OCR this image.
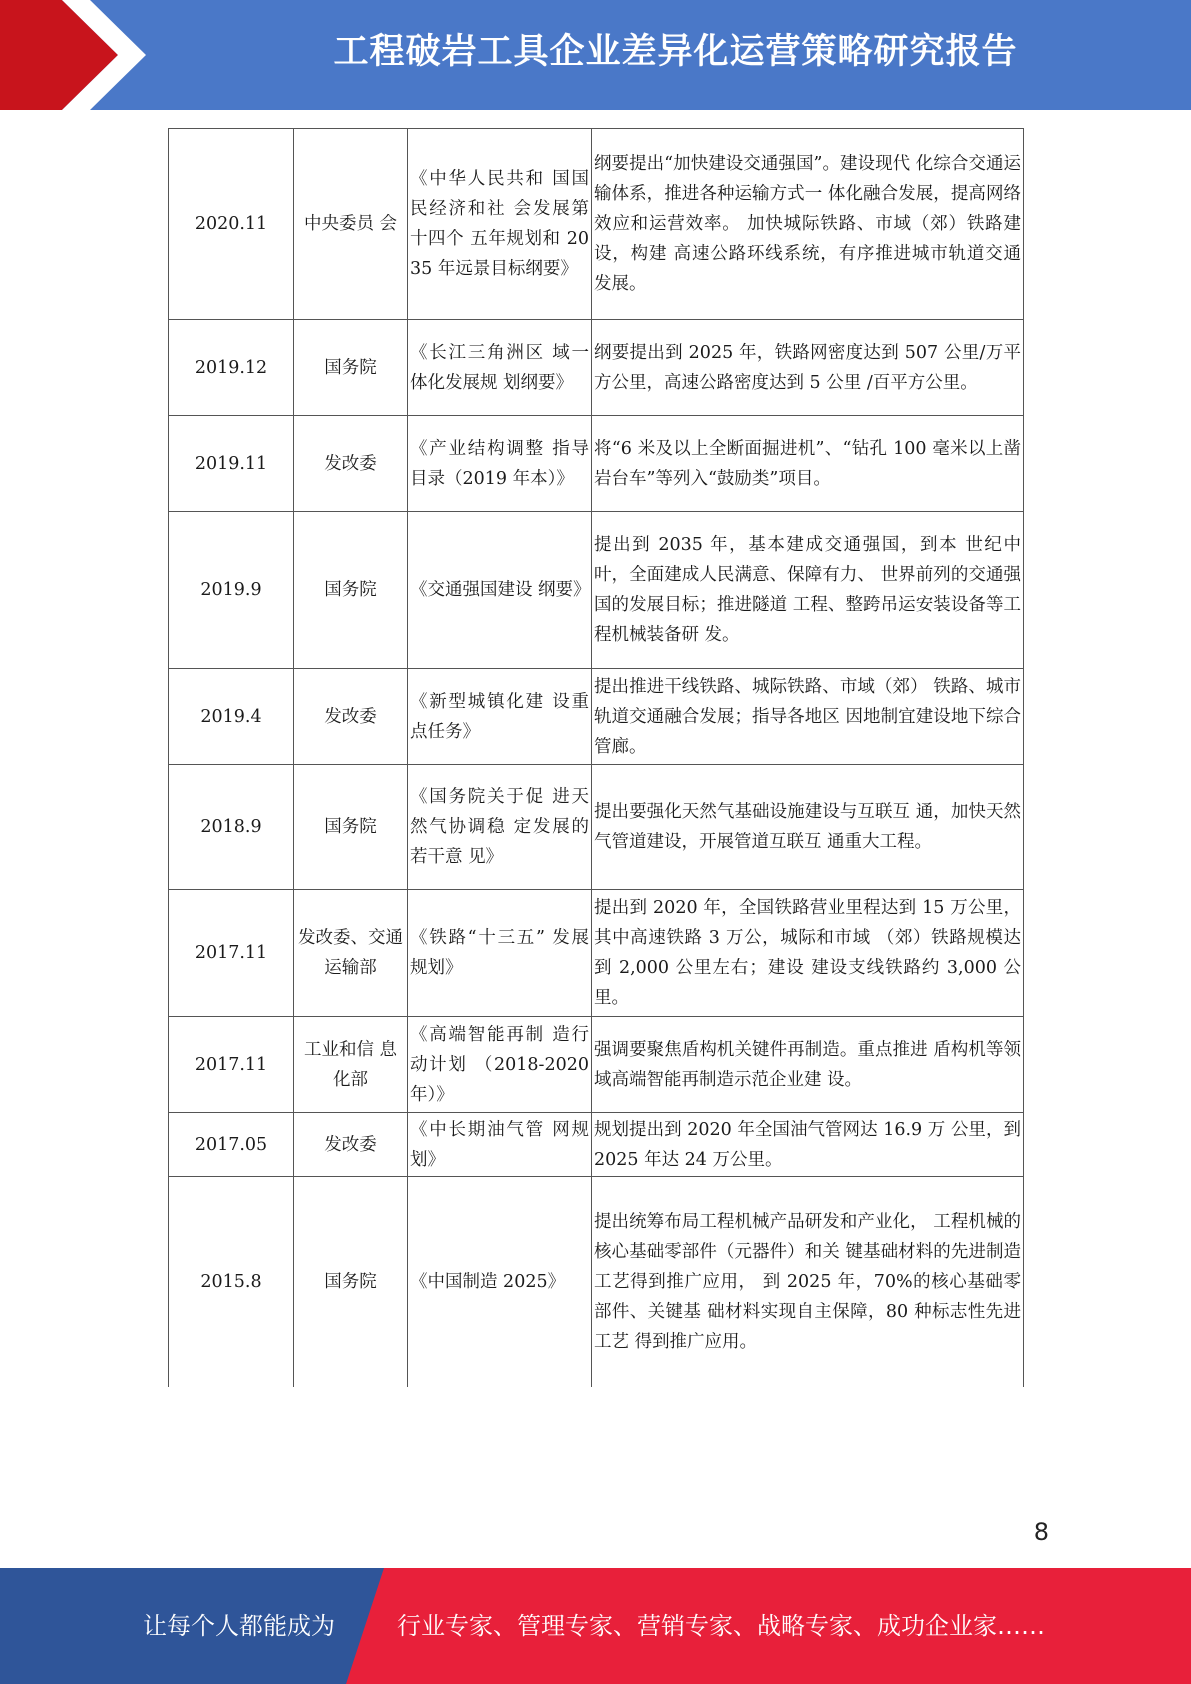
工程破岩工具企业差异化运营策略研究报告
2020.11	中央委员 会	《中华人民共和 国国民经济和社 会发展第十四个 五年规划和 2035 年远景目标纲要》	纲要提出“加快建设交通强国”。建设现代 化综合交通运输体系，推进各种运输方式一 体化融合发展，提高网络效应和运营效率。 加快城际铁路、市域（郊）铁路建设，构建 高速公路环线系统，有序推进城市轨道交通 发展。
2019.12	国务院	《长江三角洲区 域一体化发展规 划纲要》	纲要提出到 2025 年，铁路网密度达到 507 公里/万平方公里，高速公路密度达到 5 公里 /百平方公里。
2019.11	发改委	《产业结构调整 指导目录（2019 年本）》	将“6 米及以上全断面掘进机”、“钻孔 100 毫米以上凿岩台车”等列入“鼓励类”项目。
2019.9	国务院	《交通强国建设 纲要》	提出到 2035 年，基本建成交通强国，到本 世纪中叶，全面建成人民满意、保障有力、 世界前列的交通强国的发展目标；推进隧道 工程、整跨吊运安装设备等工程机械装备研 发。
2019.4	发改委	《新型城镇化建 设重点任务》	提出推进干线铁路、城际铁路、市域（郊） 铁路、城市轨道交通融合发展；指导各地区 因地制宜建设地下综合管廊。
2018.9	国务院	《国务院关于促 进天然气协调稳 定发展的若干意 见》	提出要强化天然气基础设施建设与互联互 通，加快天然气管道建设，开展管道互联互 通重大工程。
2017.11	发改委、交通运输部	《铁路“十三五” 发展规划》	提出到 2020 年，全国铁路营业里程达到 15 万公里，其中高速铁路 3 万公，城际和市域 （郊）铁路规模达到 2,000 公里左右；建设 建设支线铁路约 3,000 公里。
2017.11	工业和信 息化部	《高端智能再制 造行动计划 （2018-2020 年）》	强调要聚焦盾构机关键件再制造。重点推进 盾构机等领域高端智能再制造示范企业建 设。
2017.05	发改委	《中长期油气管 网规划》	规划提出到 2020 年全国油气管网达 16.9 万 公里，到 2025 年达 24 万公里。
2015.8	国务院	《中国制造 2025》	提出统筹布局工程机械产品研发和产业化， 工程机械的核心基础零部件（元器件）和关 键基础材料的先进制造工艺得到推广应用， 到 2025 年，70%的核心基础零部件、关键基 础材料实现自主保障，80 种标志性先进工艺 得到推广应用。
8
让每个人都能成为	行业专家、管理专家、营销专家、战略专家、成功企业家……
